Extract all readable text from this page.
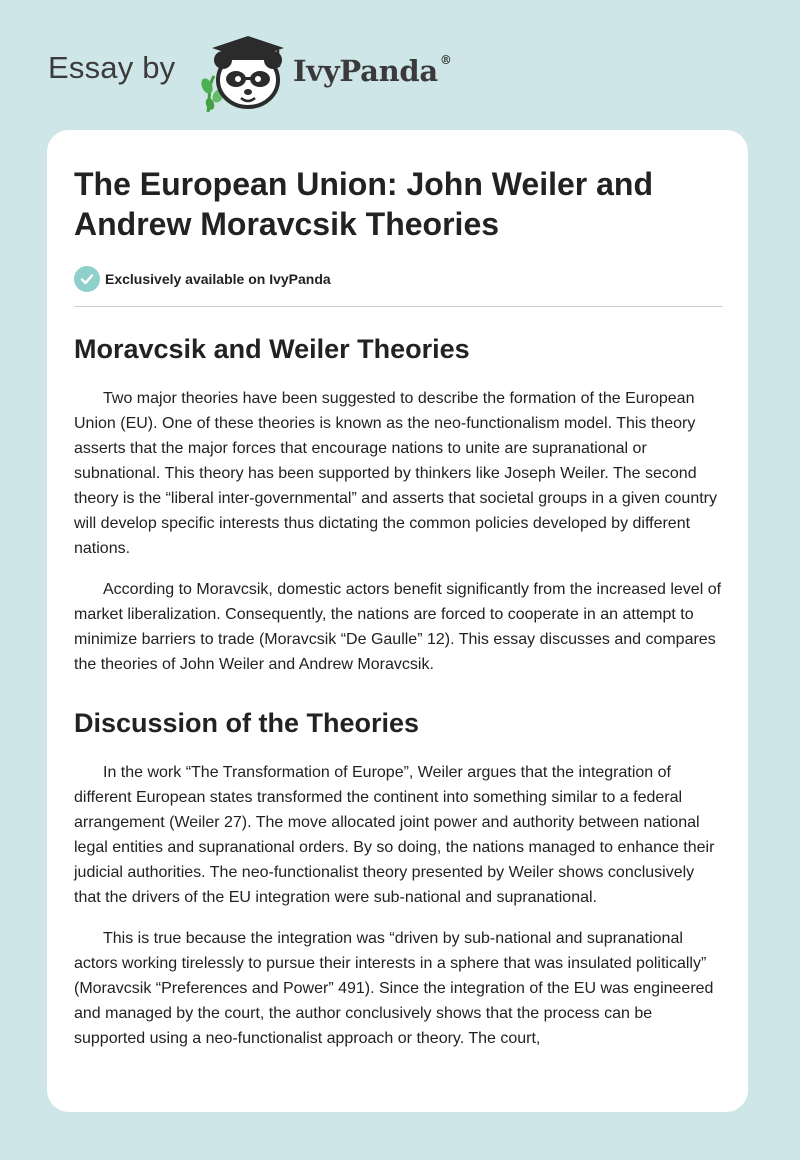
Essay by	IvyPanda ®
The European Union: John Weiler and Andrew Moravcsik Theories
Exclusively available on IvyPanda
Moravcsik and Weiler Theories

Two major theories have been suggested to describe the formation of the European Union (EU). One of these theories is known as the neo-functionalism model. This theory asserts that the major forces that encourage nations to unite are supranational or subnational. This theory has been supported by thinkers like Joseph Weiler. The second theory is the “liberal inter-governmental” and asserts that societal groups in a given country will develop specific interests thus dictating the common policies developed by different nations.

According to Moravcsik, domestic actors benefit significantly from the increased level of market liberalization. Consequently, the nations are forced to cooperate in an attempt to minimize barriers to trade (Moravcsik “De Gaulle” 12). This essay discusses and compares the theories of John Weiler and Andrew Moravcsik.

Discussion of the Theories

In the work “The Transformation of Europe”, Weiler argues that the integration of different European states transformed the continent into something similar to a federal arrangement (Weiler 27). The move allocated joint power and authority between national legal entities and supranational orders. By so doing, the nations managed to enhance their judicial authorities. The neo-functionalist theory presented by Weiler shows conclusively that the drivers of the EU integration were sub-national and supranational.

This is true because the integration was “driven by sub-national and supranational actors working tirelessly to pursue their interests in a sphere that was insulated politically” (Moravcsik “Preferences and Power” 491). Since the integration of the EU was engineered and managed by the court, the author conclusively shows that the process can be supported using a neo-functionalist approach or theory. The court,
